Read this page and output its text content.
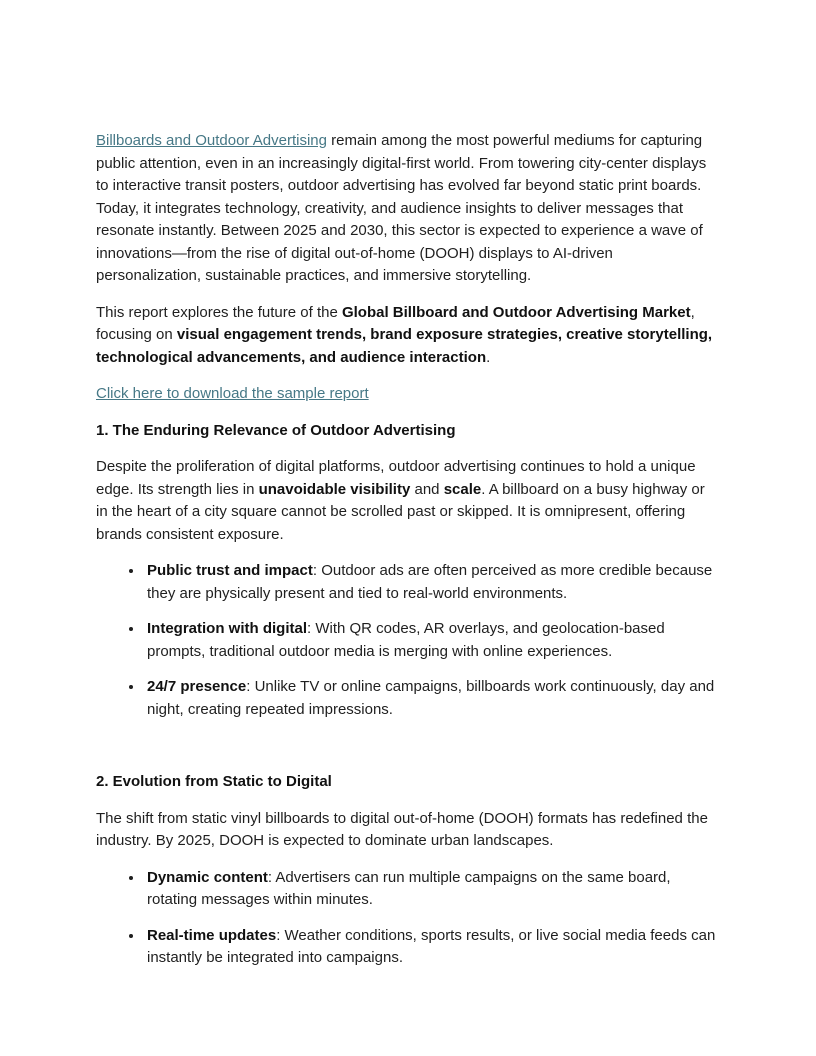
Billboards and Outdoor Advertising remain among the most powerful mediums for capturing public attention, even in an increasingly digital-first world. From towering city-center displays to interactive transit posters, outdoor advertising has evolved far beyond static print boards. Today, it integrates technology, creativity, and audience insights to deliver messages that resonate instantly. Between 2025 and 2030, this sector is expected to experience a wave of innovations—from the rise of digital out-of-home (DOOH) displays to AI-driven personalization, sustainable practices, and immersive storytelling.

This report explores the future of the Global Billboard and Outdoor Advertising Market, focusing on visual engagement trends, brand exposure strategies, creative storytelling, technological advancements, and audience interaction.

Click here to download the sample report

1. The Enduring Relevance of Outdoor Advertising

Despite the proliferation of digital platforms, outdoor advertising continues to hold a unique edge. Its strength lies in unavoidable visibility and scale. A billboard on a busy highway or in the heart of a city square cannot be scrolled past or skipped. It is omnipresent, offering brands consistent exposure.

• Public trust and impact: Outdoor ads are often perceived as more credible because they are physically present and tied to real-world environments.
• Integration with digital: With QR codes, AR overlays, and geolocation-based prompts, traditional outdoor media is merging with online experiences.
• 24/7 presence: Unlike TV or online campaigns, billboards work continuously, day and night, creating repeated impressions.
2. Evolution from Static to Digital

The shift from static vinyl billboards to digital out-of-home (DOOH) formats has redefined the industry. By 2025, DOOH is expected to dominate urban landscapes.

• Dynamic content: Advertisers can run multiple campaigns on the same board, rotating messages within minutes.
• Real-time updates: Weather conditions, sports results, or live social media feeds can instantly be integrated into campaigns.
